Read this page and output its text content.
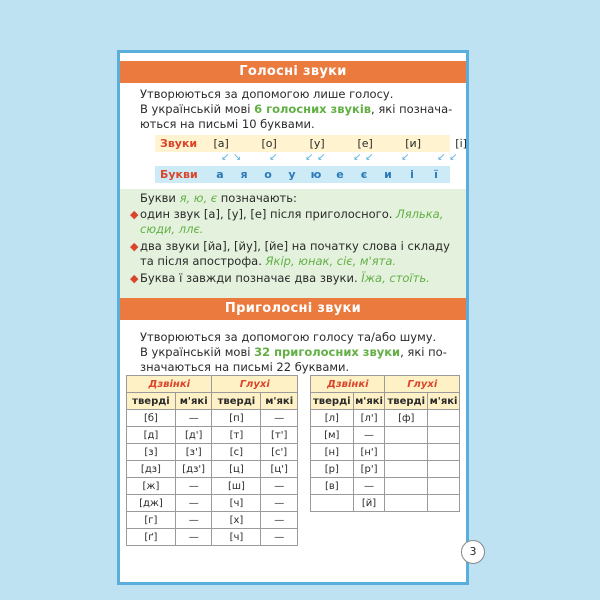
Голосні звуки
Утворюються за допомогою лише голосу.
В українській мові 6 голосних звуків, які познача-
ються на письмі 10 буквами.
Звуки	[а]	[о]	[у]	[е]	[и]	[і]
Букви	а	я	о	у	ю	е	є	и	і	ї
↙ ↘	↙	↙ ↙	↙ ↙	↙	↙ ↙
Букви я, ю, є позначають:
◆ один звук [а], [у], [е] після приголосного. Лялька, сюди, ллє.
◆ два звуки [йа], [йу], [йе] на початку слова і складу та після апострофа. Якір, юнак, сіє, м'ята.
◆ Буква ї завжди позначає два звуки. Їжа, стоїть.
Приголосні звуки
Утворюються за допомогою голосу та/або шуму.
В українській мові 32 приголосних звуки, які по-
значаються на письмі 22 буквами.
Дзвінкі		Глухі	
тверді	м'які	тверді	м'які
[б]	—	[п]	—
[д]	[д']	[т]	[т']
[з]	[з']	[с]	[с']
[дз]	[дз']	[ц]	[ц']
[ж]	—	[ш]	—
[дж]	—	[ч]	—
[г]	—	[х]	—
[ґ]	—	[ч]	—
Дзвінкі		Глухі	
тверді	м'які	тверді	м'які
[л]	[л']	[ф]	
[м]	—		
[н]	[н']		
[р]	[р']		
[в]	—		
	[й]		
3
